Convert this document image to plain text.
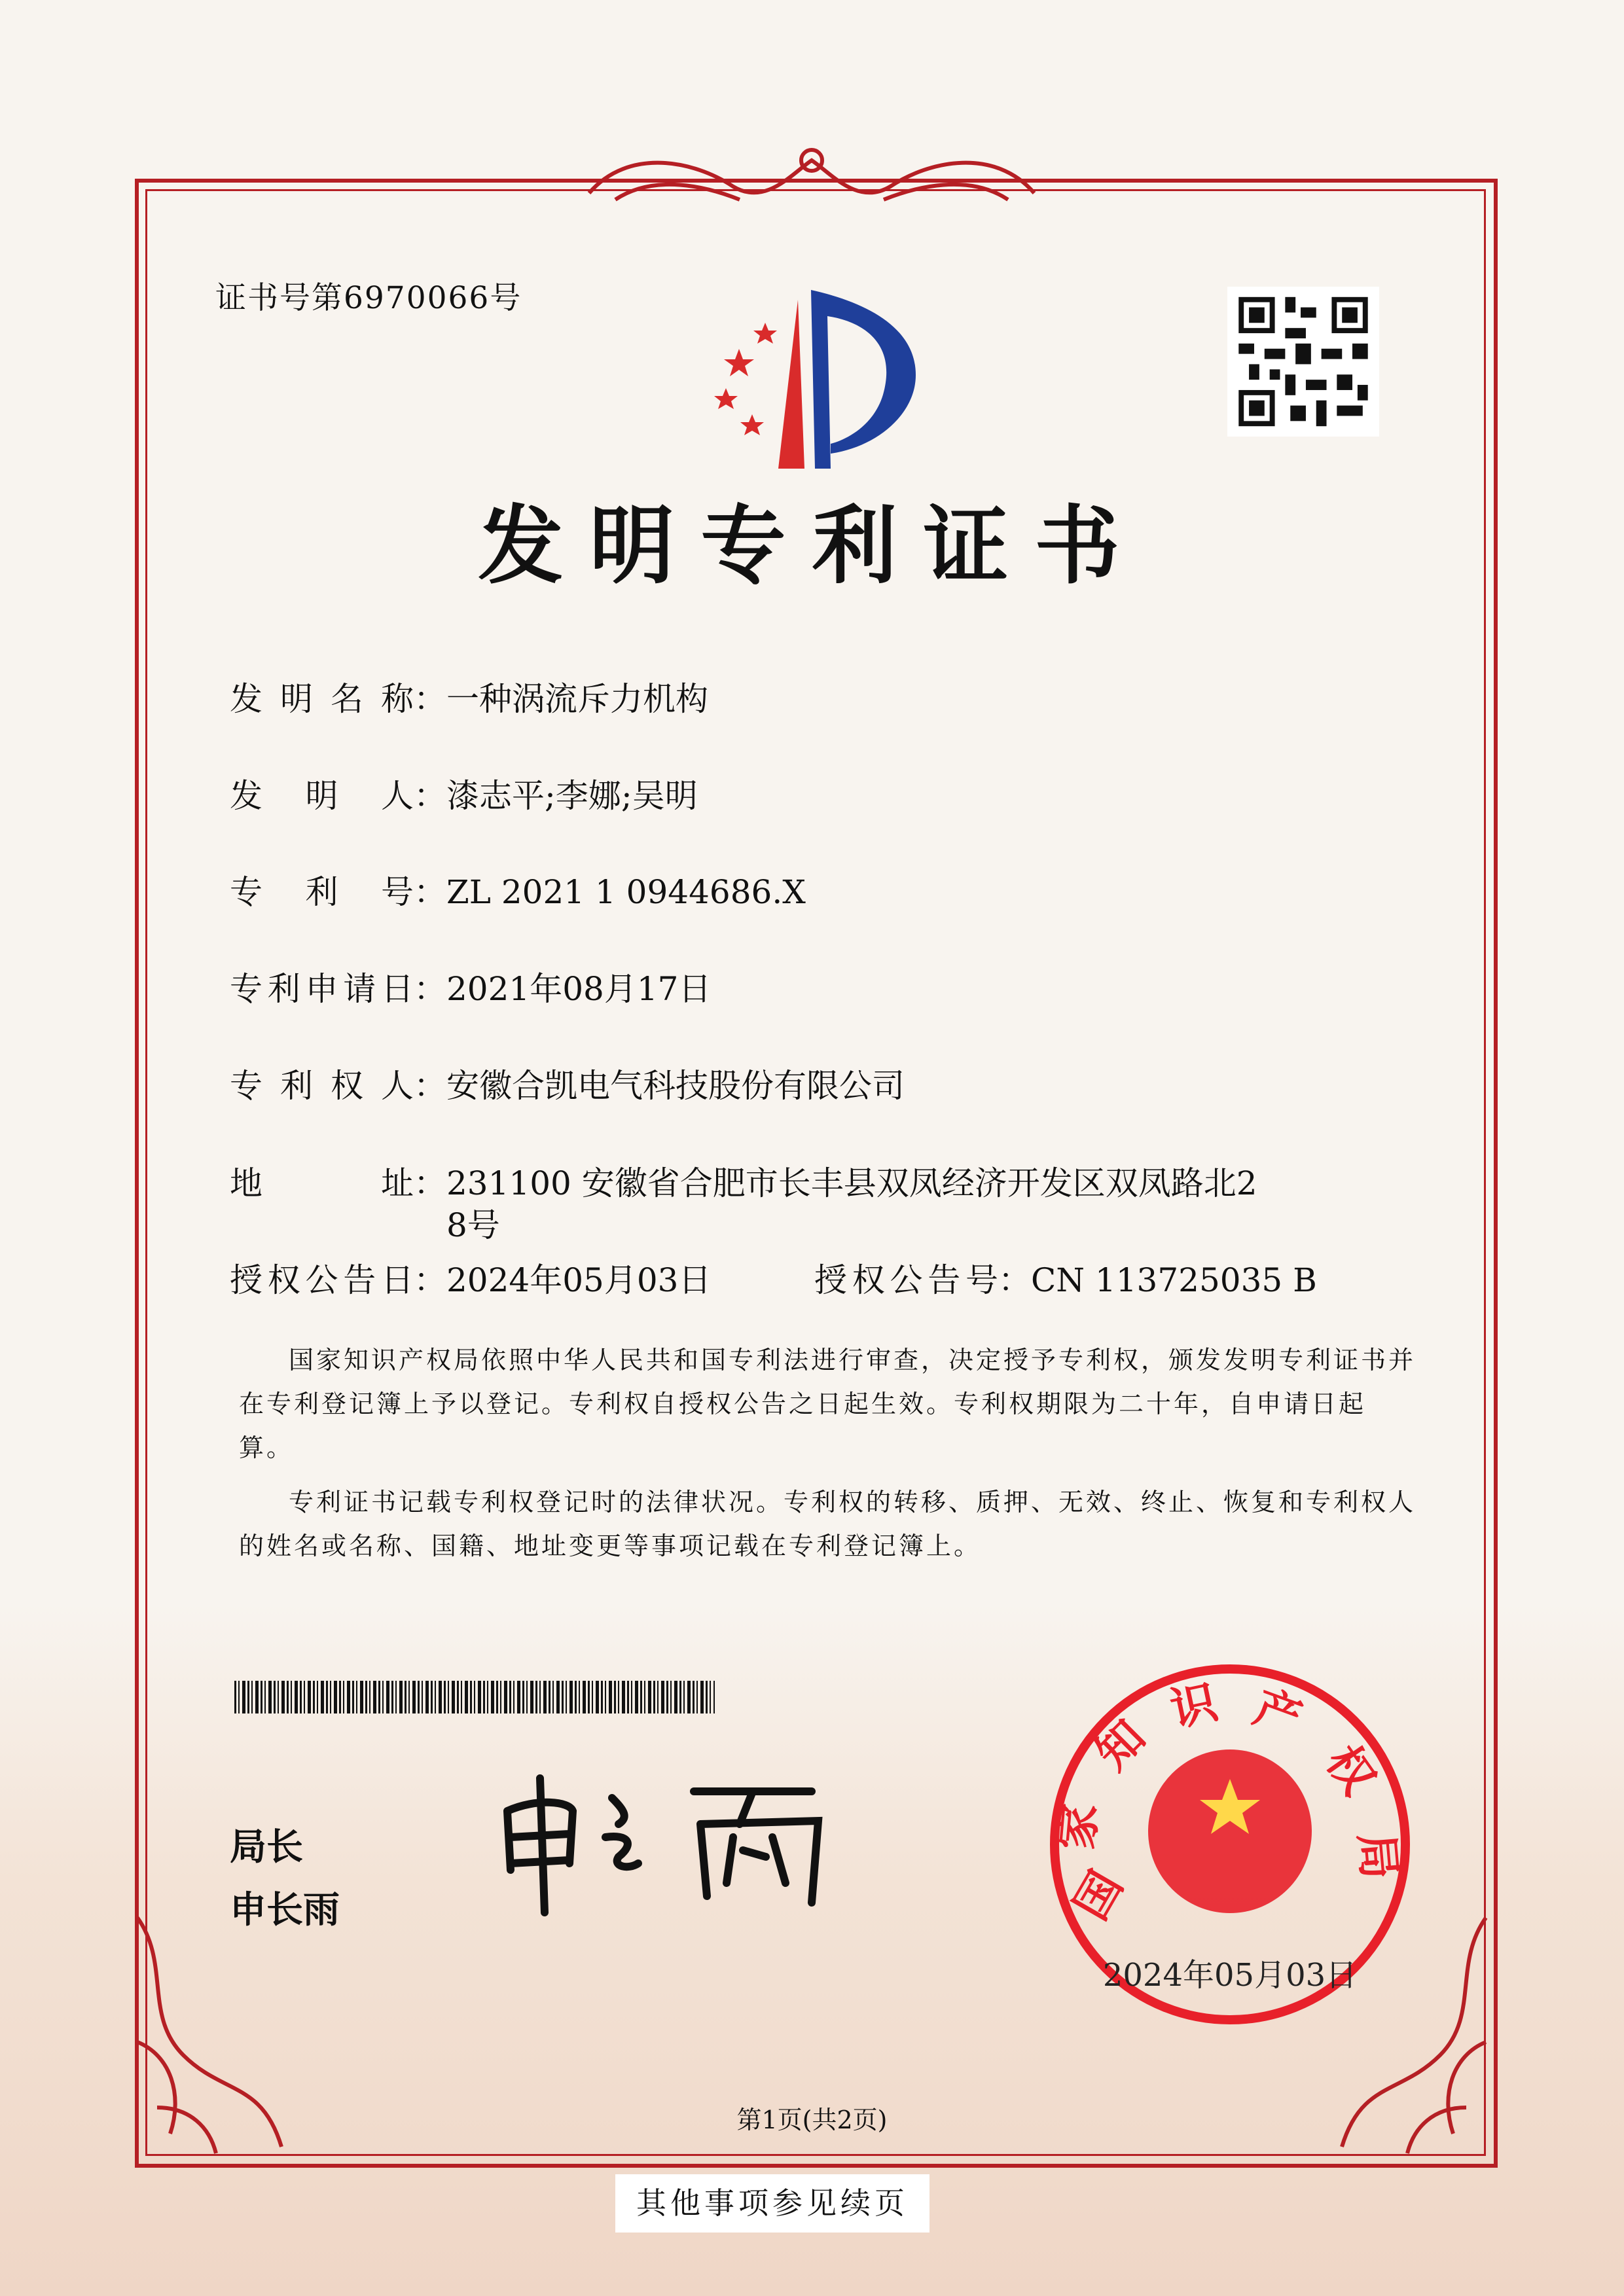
证书号第6970066号
发明专利证书
发明名称 ： 一种涡流斥力机构
发明人 ： 漆志平;李娜;吴明
专利号 ： ZL 2021 1 0944686.X
专利申请日 ： 2021年08月17日
专利权人 ： 安徽合凯电气科技股份有限公司
地址 ： 231100 安徽省合肥市长丰县双凤经济开发区双凤路北2
8号
授权公告日 ： 2024年05月03日	授权公告号 ： CN 113725035 B
国家知识产权局依照中华人民共和国专利法进行审查，决定授予专利权，颁发发明专利证书并在专利登记簿上予以登记。专利权自授权公告之日起生效。专利权期限为二十年，自申请日起算。
专利证书记载专利权登记时的法律状况。专利权的转移、质押、无效、终止、恢复和专利权人的姓名或名称、国籍、地址变更等事项记载在专利登记簿上。
局长
申长雨	国
家
知
识 产
权
局
2024年05月03日
第1页(共2页)
其他事项参见续页
